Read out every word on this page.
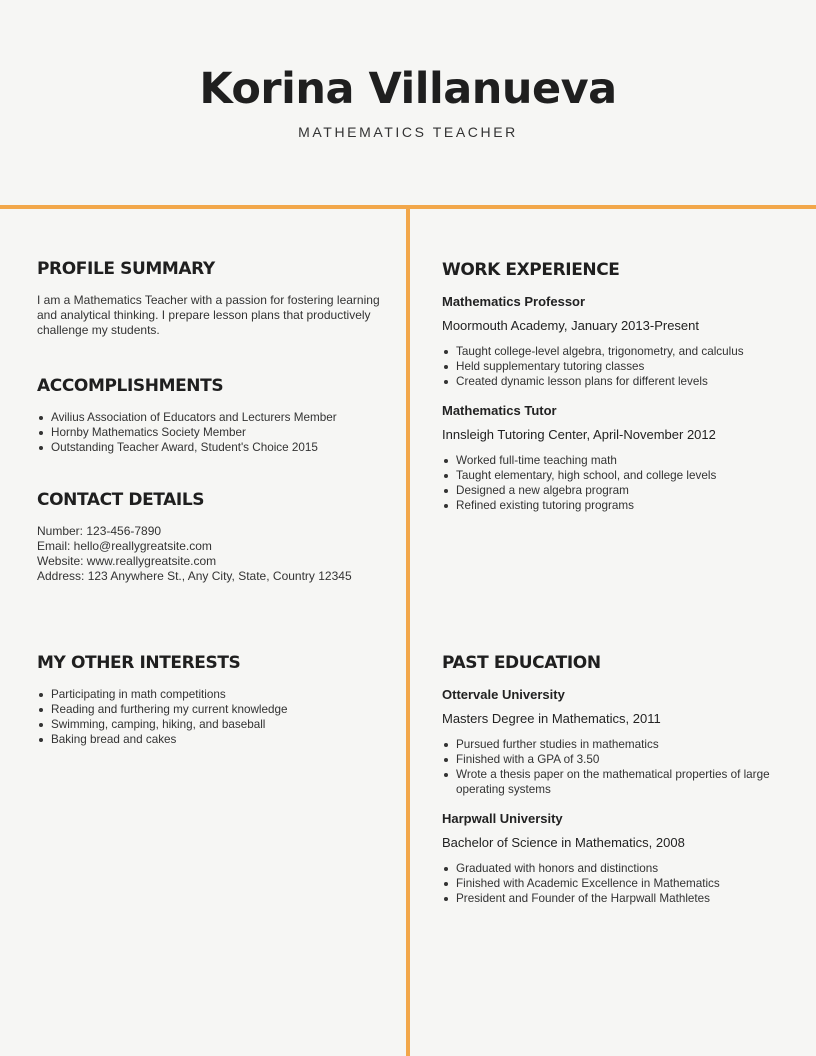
Korina Villanueva
MATHEMATICS TEACHER
PROFILE SUMMARY

I am a Mathematics Teacher with a passion for fostering learning and analytical thinking. I prepare lesson plans that productively challenge my students.

ACCOMPLISHMENTS
Avilius Association of Educators and Lecturers Member
Hornby Mathematics Society Member
Outstanding Teacher Award, Student's Choice 2015
CONTACT DETAILS
Number: 123-456-7890
Email: hello@reallygreatsite.com
Website: www.reallygreatsite.com
Address: 123 Anywhere St., Any City, State, Country 12345
MY OTHER INTERESTS
Participating in math competitions
Reading and furthering my current knowledge
Swimming, camping, hiking, and baseball
Baking bread and cakes
WORK EXPERIENCE
Mathematics Professor
Moormouth Academy, January 2013-Present
Taught college-level algebra, trigonometry, and calculus
Held supplementary tutoring classes
Created dynamic lesson plans for different levels
Mathematics Tutor
Innsleigh Tutoring Center, April-November 2012
Worked full-time teaching math
Taught elementary, high school, and college levels
Designed a new algebra program
Refined existing tutoring programs
PAST EDUCATION
Ottervale University
Masters Degree in Mathematics, 2011
Pursued further studies in mathematics
Finished with a GPA of 3.50
Wrote a thesis paper on the mathematical properties of large operating systems
Harpwall University
Bachelor of Science in Mathematics, 2008
Graduated with honors and distinctions
Finished with Academic Excellence in Mathematics
President and Founder of the Harpwall Mathletes
